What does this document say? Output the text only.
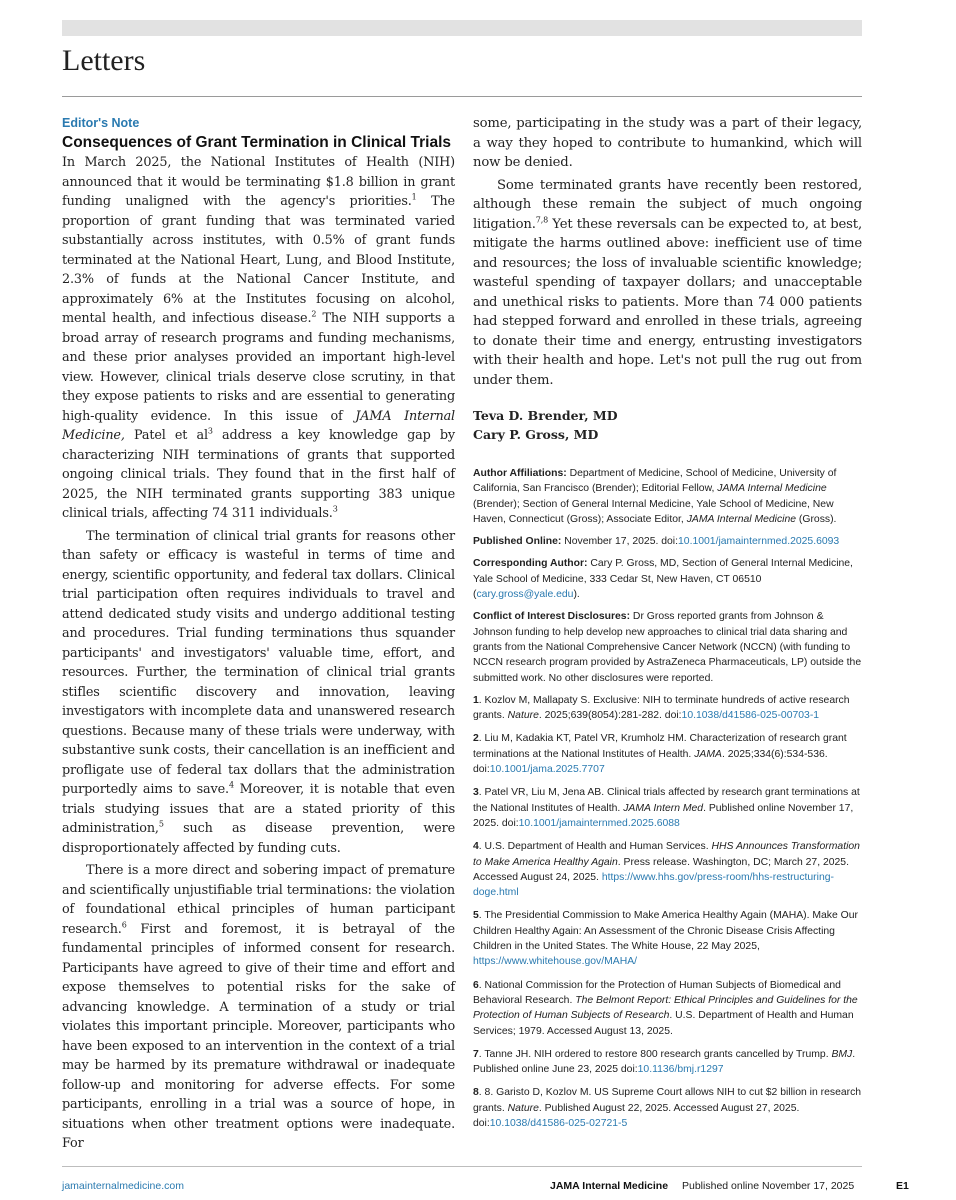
Letters
Editor's Note
Consequences of Grant Termination in Clinical Trials

In March 2025, the National Institutes of Health (NIH) announced that it would be terminating $1.8 billion in grant funding unaligned with the agency's priorities.$^1$ The proportion of grant funding that was terminated varied substantially across institutes, with 0.5% of grant funds terminated at the National Heart, Lung, and Blood Institute, 2.3% of funds at the National Cancer Institute, and approximately 6% at the Institutes focusing on alcohol, mental health, and infectious disease.$^2$ The NIH supports a broad array of research programs and funding mechanisms, and these prior analyses provided an important high-level view. However, clinical trials deserve close scrutiny, in that they expose patients to risks and are essential to generating high-quality evidence. In this issue of JAMA Internal Medicine, Patel et $al^3$ address a key knowledge gap by characterizing NIH terminations of grants that supported ongoing clinical trials. They found that in the first half of 2025, the NIH terminated grants supporting 383 unique clinical trials, affecting 74 311 individuals.$^3$

The termination of clinical trial grants for reasons other than safety or efficacy is wasteful in terms of time and energy, scientific opportunity, and federal tax dollars. Clinical trial participation often requires individuals to travel and attend dedicated study visits and undergo additional testing and procedures. Trial funding terminations thus squander participants' and investigators' valuable time, effort, and resources. Further, the termination of clinical trial grants stifles scientific discovery and innovation, leaving investigators with incomplete data and unanswered research questions. Because many of these trials were underway, with substantive sunk costs, their cancellation is an inefficient and profligate use of federal tax dollars that the administration purportedly aims to save.$^4$ Moreover, it is notable that even trials studying issues that are a stated priority of this administration,$^5$ such as disease prevention, were disproportionately affected by funding cuts.

There is a more direct and sobering impact of premature and scientifically unjustifiable trial terminations: the violation of foundational ethical principles of human participant research.$^6$ First and foremost, it is betrayal of the fundamental principles of informed consent for research. Participants have agreed to give of their time and effort and expose themselves to potential risks for the sake of advancing knowledge. A termination of a study or trial violates this important principle. Moreover, participants who have been exposed to an intervention in the context of a trial may be harmed by its premature withdrawal or inadequate follow-up and monitoring for adverse effects. For some participants, enrolling in a trial was a source of hope, in situations when other treatment options were inadequate. For

some, participating in the study was a part of their legacy, a way they hoped to contribute to humankind, which will now be denied.

Some terminated grants have recently been restored, although these remain the subject of much ongoing litigation.$^{7,8}$ Yet these reversals can be expected to, at best, mitigate the harms outlined above: inefficient use of time and resources; the loss of invaluable scientific knowledge; wasteful spending of taxpayer dollars; and unacceptable and unethical risks to patients. More than 74 000 patients had stepped forward and enrolled in these trials, agreeing to donate their time and energy, entrusting investigators with their health and hope. Let's not pull the rug out from under them.

Teva D. Brender, MD
Cary P. Gross, MD
Author Affiliations: Department of Medicine, School of Medicine, University of California, San Francisco (Brender); Editorial Fellow, JAMA Internal Medicine (Brender); Section of General Internal Medicine, Yale School of Medicine, New Haven, Connecticut (Gross); Associate Editor, JAMA Internal Medicine (Gross).
Published Online: November 17, 2025. doi:10.1001/jamainternmed.2025.6093
Corresponding Author: Cary P. Gross, MD, Section of General Internal Medicine, Yale School of Medicine, 333 Cedar St, New Haven, CT 06510 (cary.gross@yale.edu).
Conflict of Interest Disclosures: Dr Gross reported grants from Johnson & Johnson funding to help develop new approaches to clinical trial data sharing and grants from the National Comprehensive Cancer Network (NCCN) (with funding to NCCN research program provided by AstraZeneca Pharmaceuticals, LP) outside the submitted work. No other disclosures were reported.
1. Kozlov M, Mallapaty S. Exclusive: NIH to terminate hundreds of active research grants. Nature. 2025;639(8054):281-282. doi:10.1038/d41586-025-00703-1
2. Liu M, Kadakia KT, Patel VR, Krumholz HM. Characterization of research grant terminations at the National Institutes of Health. JAMA. 2025;334(6):534-536. doi:10.1001/jama.2025.7707
3. Patel VR, Liu M, Jena AB. Clinical trials affected by research grant terminations at the National Institutes of Health. JAMA Intern Med. Published online November 17, 2025. doi:10.1001/jamainternmed.2025.6088
4. U.S. Department of Health and Human Services. HHS Announces Transformation to Make America Healthy Again. Press release. Washington, DC; March 27, 2025. Accessed August 24, 2025. https://www.hhs.gov/press-room/hhs-restructuring-doge.html
5. The Presidential Commission to Make America Healthy Again (MAHA). Make Our Children Healthy Again: An Assessment of the Chronic Disease Crisis Affecting Children in the United States. The White House, 22 May 2025, https://www.whitehouse.gov/MAHA/
6. National Commission for the Protection of Human Subjects of Biomedical and Behavioral Research. The Belmont Report: Ethical Principles and Guidelines for the Protection of Human Subjects of Research. U.S. Department of Health and Human Services; 1979. Accessed August 13, 2025.
7. Tanne JH. NIH ordered to restore 800 research grants cancelled by Trump. BMJ. Published online June 23, 2025 doi:10.1136/bmj.r1297
8. 8. Garisto D, Kozlov M. US Supreme Court allows NIH to cut $2 billion in research grants. Nature. Published August 22, 2025. Accessed August 27, 2025. doi:10.1038/d41586-025-02721-5
jamainternalmedicine.com	JAMA Internal Medicine Published online November 17, 2025	E1
